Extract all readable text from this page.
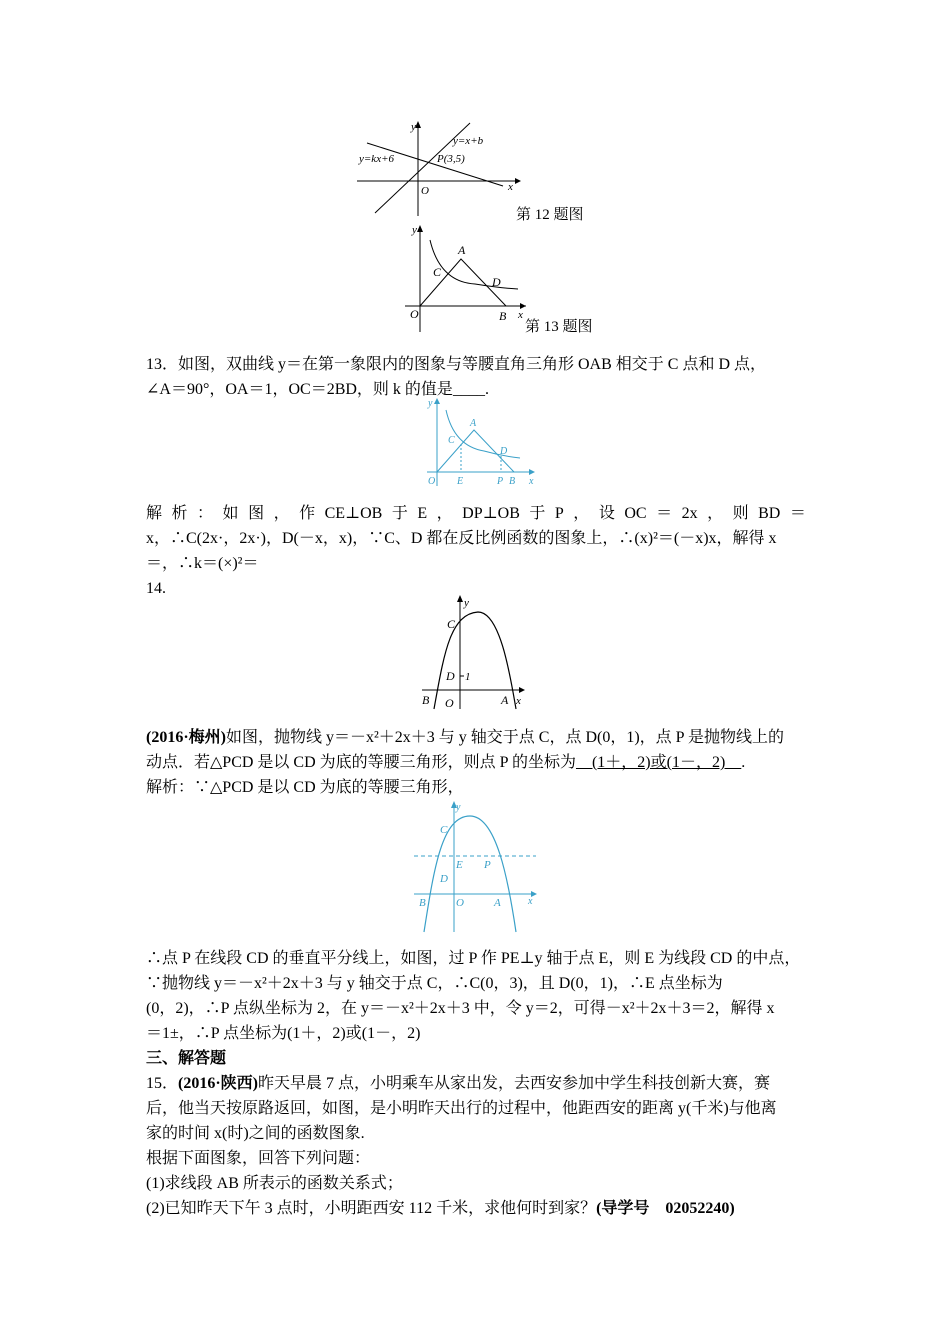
y
x
O
y=x+b
y=kx+6	P(3,5)
第 12 题图
y
x
O
A
B
C
D
第 13 题图
13．如图，双曲线 y＝在第一象限内的图象与等腰直角三角形 OAB 相交于 C 点和 D 点，
∠A＝90°，OA＝1，OC＝2BD，则 k 的值是____.
y
x
O
A
B
C
D
E	P
解 析 ： 如 图 ， 作 CE⊥OB 于 E ， DP⊥OB 于 P ， 设 OC ＝ 2x ， 则 BD ＝
x，∴C(2x·，2x·)，D(－x，x)，∵C、D 都在反比例函数的图象上，∴(x)²＝(－x)x，解得 x
＝，∴k＝(×)²＝
14.
y
x
O	A
B
C
D 1
(2016·梅州)如图，抛物线 y＝－x²＋2x＋3 与 y 轴交于点 C，点 D(0，1)，点 P 是抛物线上的
动点．若△PCD 是以 CD 为底的等腰三角形，则点 P 的坐标为　(1＋，2)或(1－，2)　.
解析：∵△PCD 是以 CD 为底的等腰三角形，
y
x
O	A
B
C
D
E P
∴点 P 在线段 CD 的垂直平分线上，如图，过 P 作 PE⊥y 轴于点 E，则 E 为线段 CD 的中点，
∵抛物线 y＝－x²＋2x＋3 与 y 轴交于点 C，∴C(0，3)，且 D(0，1)，∴E 点坐标为
(0，2)，∴P 点纵坐标为 2，在 y＝－x²＋2x＋3 中，令 y＝2，可得－x²＋2x＋3＝2，解得 x
＝1±，∴P 点坐标为(1＋，2)或(1－，2)
三、解答题
15．(2016·陕西)昨天早晨 7 点，小明乘车从家出发，去西安参加中学生科技创新大赛，赛
后，他当天按原路返回，如图，是小明昨天出行的过程中，他距西安的距离 y(千米)与他离
家的时间 x(时)之间的函数图象.
根据下面图象，回答下列问题：
(1)求线段 AB 所表示的函数关系式；
(2)已知昨天下午 3 点时，小明距西安 112 千米，求他何时到家？(导学号　02052240)
